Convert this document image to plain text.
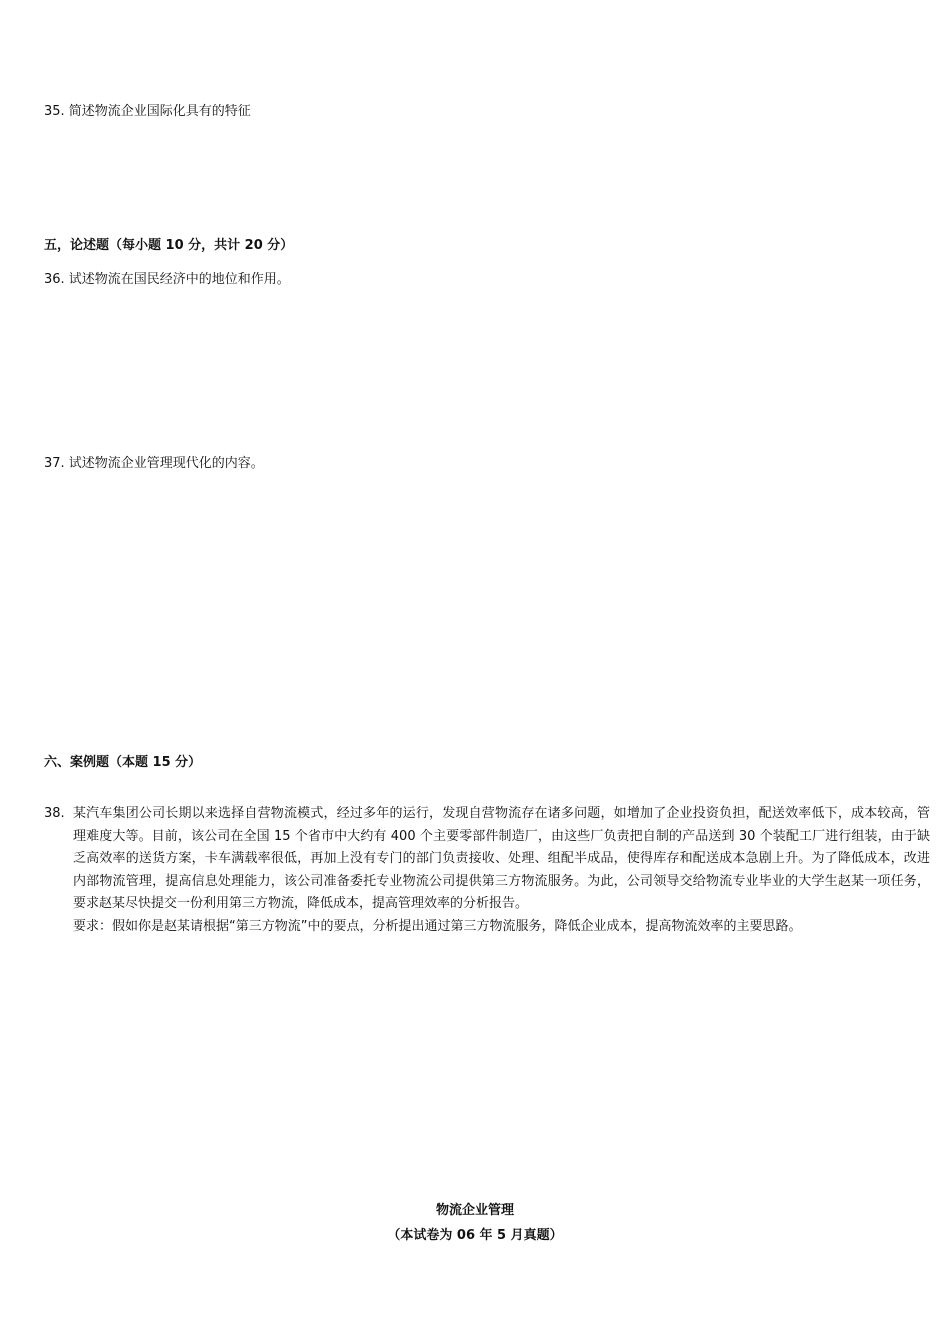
35. 简述物流企业国际化具有的特征
五，论述题（每小题 10 分，共计 20 分）
36. 试述物流在国民经济中的地位和作用。
37. 试述物流企业管理现代化的内容。
六、案例题（本题 15 分）
38. 某汽车集团公司长期以来选择自营物流模式，经过多年的运行，发现自营物流存在诸多问题，如增加了企业投资负担，配送效率低下，成本较高，管理难度大等。目前，该公司在全国 15 个省市中大约有 400 个主要零部件制造厂，由这些厂负责把自制的产品送到 30 个装配工厂进行组装，由于缺乏高效率的送货方案，卡车满载率很低，再加上没有专门的部门负责接收、处理、组配半成品，使得库存和配送成本急剧上升。为了降低成本，改进内部物流管理，提高信息处理能力，该公司准备委托专业物流公司提供第三方物流服务。为此，公司领导交给物流专业毕业的大学生赵某一项任务，要求赵某尽快提交一份利用第三方物流，降低成本，提高管理效率的分析报告。

要求：假如你是赵某请根据“第三方物流”中的要点，分析提出通过第三方物流服务，降低企业成本，提高物流效率的主要思路。

物流企业管理
（本试卷为 06 年 5 月真题）
